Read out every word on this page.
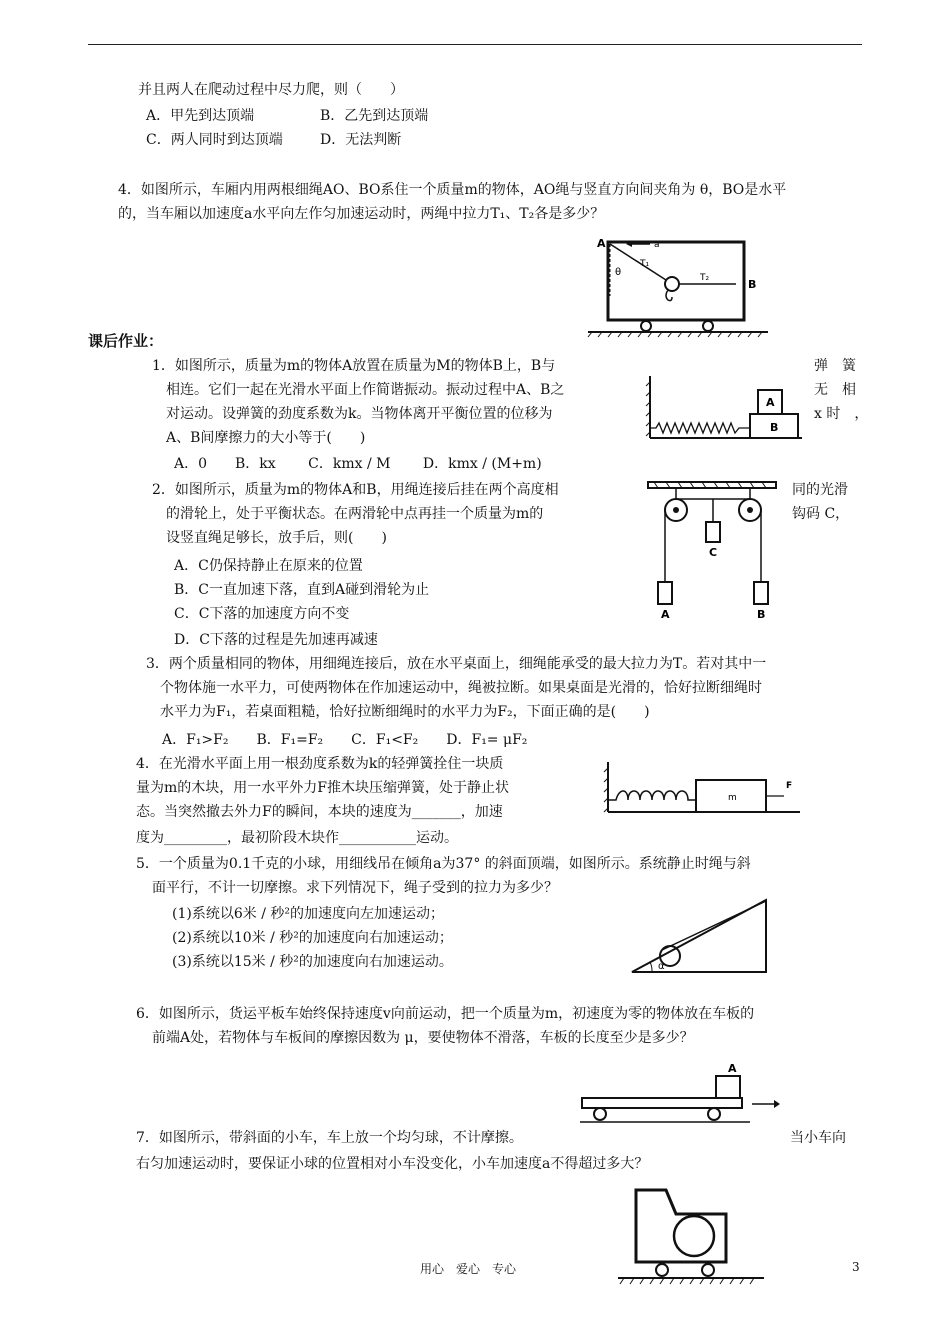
并且两人在爬动过程中尽力爬，则（　　）
A．甲先到达顶端	B．乙先到达顶端
C．两人同时到达顶端	D．无法判断
4．如图所示，车厢内用两根细绳AO、BO系住一个质量m的物体，AO绳与竖直方向间夹角为 θ，BO是水平
的，当车厢以加速度a水平向左作匀加速运动时，两绳中拉力T₁、T₂各是多少？
a
A
θ
T₁
T₂	B
课后作业：
1．如图所示，质量为m的物体A放置在质量为M的物体B上，B与	弹　簧
相连。它们一起在光滑水平面上作简谐振动。振动过程中A、B之	无　相
对运动。设弹簧的劲度系数为k。当物体离开平衡位置的位移为	x 时　，
A、B间摩擦力的大小等于(　　)
A．0　　B．kx　　 C．kmx / M　　 D．kmx / (M+m)
B
A
2．如图所示，质量为m的物体A和B，用绳连接后挂在两个高度相	同的光滑
的滑轮上，处于平衡状态。在两滑轮中点再挂一个质量为m的	钩码 C，
设竖直绳足够长，放手后，则(　　)
A．C仍保持静止在原来的位置
B．C一直加速下落，直到A碰到滑轮为止
C．C下落的加速度方向不变
D．C下落的过程是先加速再减速
C
A	B
3．两个质量相同的物体，用细绳连接后，放在水平桌面上，细绳能承受的最大拉力为T。若对其中一
个物体施一水平力，可使两物体在作加速运动中，绳被拉断。如果桌面是光滑的，恰好拉断细绳时
水平力为F₁，若桌面粗糙，恰好拉断细绳时的水平力为F₂，下面正确的是(　　)
A．F₁>F₂　　B．F₁=F₂　　C．F₁<F₂　　D．F₁= μF₂
4．在光滑水平面上用一根劲度系数为k的轻弹簧拴住一块质
量为m的木块，用一水平外力F推木块压缩弹簧，处于静止状
态。当突然撤去外力F的瞬间，本块的速度为_______，加速
度为_________，最初阶段木块作___________运动。
m
F
5．一个质量为0.1千克的小球，用细线吊在倾角a为37° 的斜面顶端，如图所示。系统静止时绳与斜
面平行，不计一切摩擦。求下列情况下，绳子受到的拉力为多少？
(1)系统以6米 / 秒²的加速度向左加速运动；
(2)系统以10米 / 秒²的加速度向右加速运动；
(3)系统以15米 / 秒²的加速度向右加速运动。	α
6．如图所示，货运平板车始终保持速度v向前运动，把一个质量为m，初速度为零的物体放在车板的
前端A处，若物体与车板间的摩擦因数为 μ，要使物体不滑落，车板的长度至少是多少？
A
7．如图所示，带斜面的小车，车上放一个均匀球，不计摩擦。	当小车向
右匀加速运动时，要保证小球的位置相对小车没变化，小车加速度a不得超过多大？
用心　爱心　专心	3
